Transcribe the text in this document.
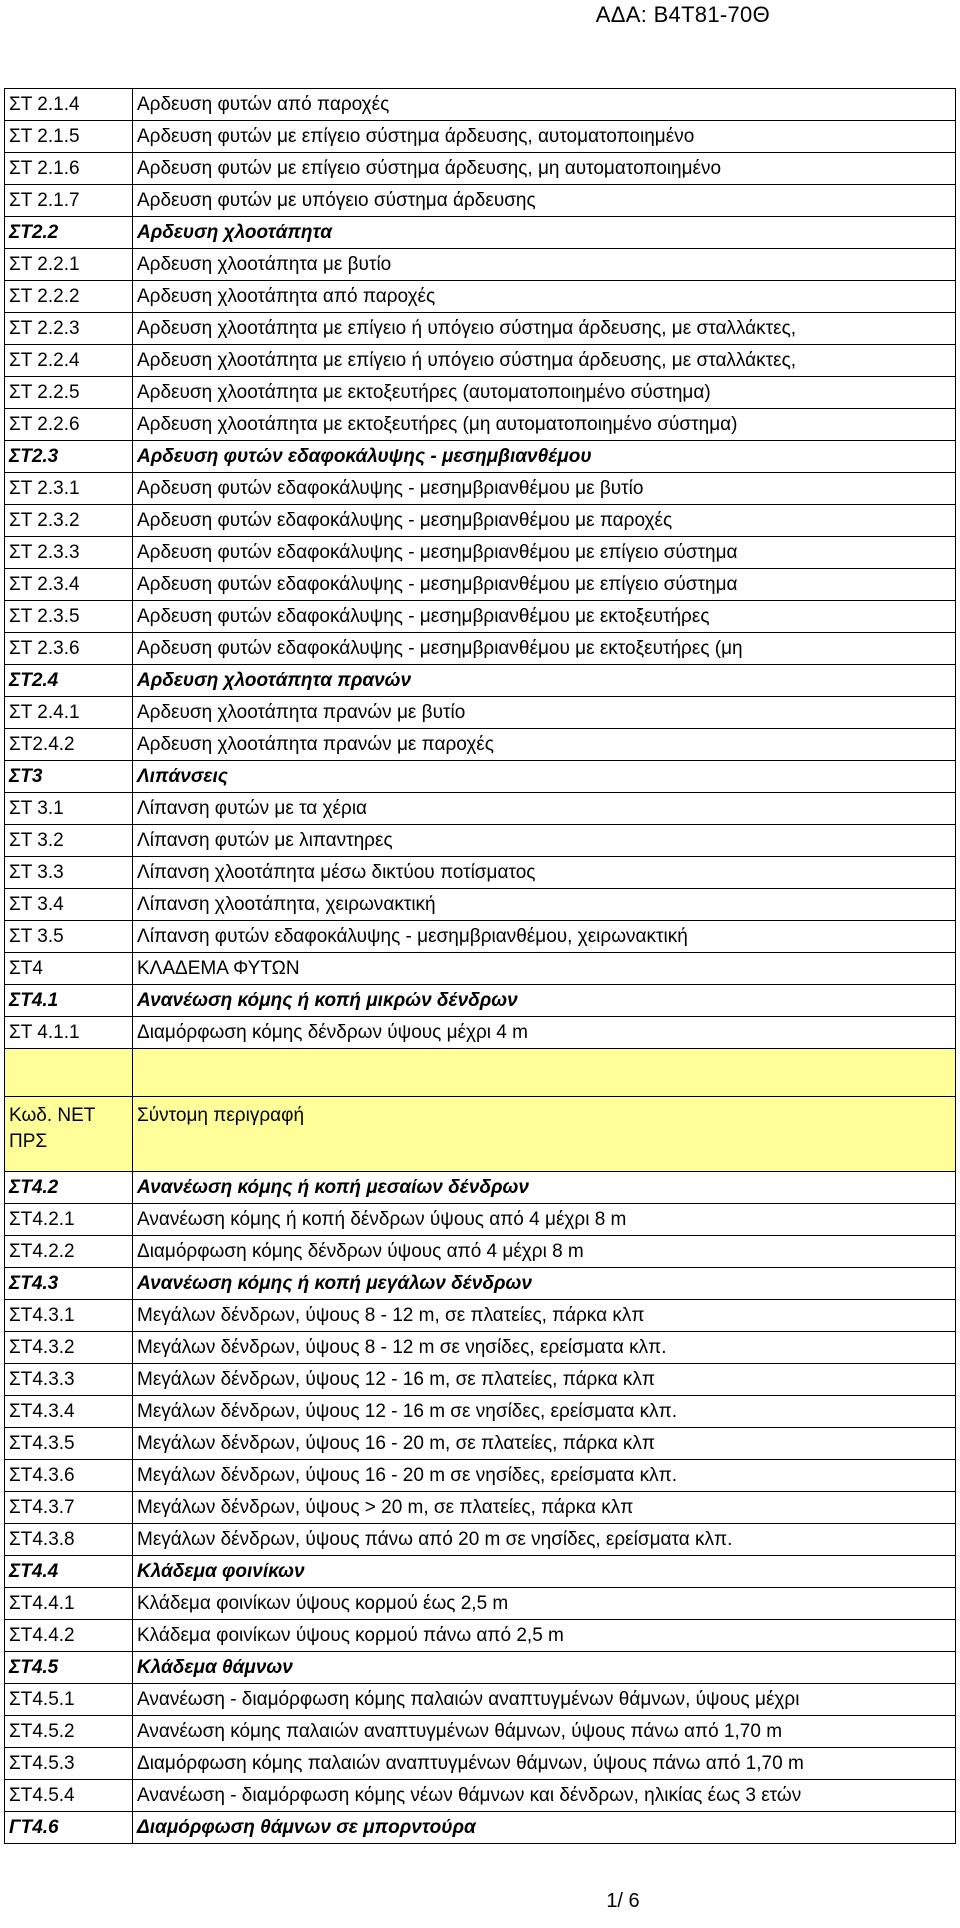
ΑΔΑ: Β4Τ81-70Θ
ΣΤ 2.1.4	Αρδευση φυτών από παροχές
ΣΤ 2.1.5	Αρδευση φυτών με επίγειο σύστημα άρδευσης, αυτοματοποιημένο
ΣΤ 2.1.6	Αρδευση φυτών με επίγειο σύστημα άρδευσης, μη αυτοματοποιημένο
ΣΤ 2.1.7	Αρδευση φυτών με υπόγειο σύστημα άρδευσης
ΣΤ2.2	Αρδευση χλοοτάπητα
ΣΤ 2.2.1	Αρδευση χλοοτάπητα με βυτίο
ΣΤ 2.2.2	Αρδευση χλοοτάπητα από παροχές
ΣΤ 2.2.3	Αρδευση χλοοτάπητα με επίγειο ή υπόγειο σύστημα άρδευσης, με σταλλάκτες,
ΣΤ 2.2.4	Αρδευση χλοοτάπητα με επίγειο ή υπόγειο σύστημα άρδευσης, με σταλλάκτες,
ΣΤ 2.2.5	Αρδευση χλοοτάπητα με εκτοξευτήρες (αυτοματοποιημένο σύστημα)
ΣΤ 2.2.6	Αρδευση χλοοτάπητα με εκτοξευτήρες (μη αυτοματοποιημένο σύστημα)
ΣΤ2.3	Αρδευση φυτών εδαφοκάλυψης - μεσημβιανθέμου
ΣΤ 2.3.1	Αρδευση φυτών εδαφοκάλυψης - μεσημβριανθέμου με βυτίο
ΣΤ 2.3.2	Αρδευση φυτών εδαφοκάλυψης - μεσημβριανθέμου με παροχές
ΣΤ 2.3.3	Αρδευση φυτών εδαφοκάλυψης - μεσημβριανθέμου με επίγειο σύστημα
ΣΤ 2.3.4	Αρδευση φυτών εδαφοκάλυψης - μεσημβριανθέμου με επίγειο σύστημα
ΣΤ 2.3.5	Αρδευση φυτών εδαφοκάλυψης - μεσημβριανθέμου με εκτοξευτήρες
ΣΤ 2.3.6	Αρδευση φυτών εδαφοκάλυψης - μεσημβριανθέμου με εκτοξευτήρες (μη
ΣΤ2.4	Αρδευση χλοοτάπητα πρανών
ΣΤ 2.4.1	Αρδευση χλοοτάπητα πρανών με βυτίο
ΣΤ2.4.2	Αρδευση χλοοτάπητα πρανών με παροχές
ΣΤ3	Λιπάνσεις
ΣΤ 3.1	Λίπανση φυτών με τα χέρια
ΣΤ 3.2	Λίπανση φυτών με λιπαντηρες
ΣΤ 3.3	Λίπανση χλοοτάπητα μέσω δικτύου ποτίσματος
ΣΤ 3.4	Λίπανση χλοοτάπητα, χειρωνακτική
ΣΤ 3.5	Λίπανση φυτών εδαφοκάλυψης - μεσημβριανθέμου, χειρωνακτική
ΣΤ4	ΚΛΑΔΕΜΑ ΦΥΤΩΝ
ΣΤ4.1	Ανανέωση κόμης ή κοπή μικρών δένδρων
ΣΤ 4.1.1	Διαμόρφωση κόμης δένδρων ύψους μέχρι 4 m

Κωδ. ΝΕΤ ΠΡΣ	Σύντομη περιγραφή
ΣΤ4.2	Ανανέωση κόμης ή κοπή μεσαίων δένδρων
ΣΤ4.2.1	Ανανέωση κόμης ή κοπή δένδρων ύψους από 4 μέχρι 8 m
ΣΤ4.2.2	Διαμόρφωση κόμης δένδρων ύψους από 4 μέχρι 8 m
ΣΤ4.3	Ανανέωση κόμης ή κοπή μεγάλων δένδρων
ΣΤ4.3.1	Μεγάλων δένδρων, ύψους 8 - 12 m, σε πλατείες, πάρκα κλπ
ΣΤ4.3.2	Μεγάλων δένδρων, ύψους 8 - 12 m σε νησίδες, ερείσματα κλπ.
ΣΤ4.3.3	Μεγάλων δένδρων, ύψους 12 - 16 m, σε πλατείες, πάρκα κλπ
ΣΤ4.3.4	Μεγάλων δένδρων, ύψους 12 - 16 m σε νησίδες, ερείσματα κλπ.
ΣΤ4.3.5	Μεγάλων δένδρων, ύψους 16 - 20 m, σε πλατείες, πάρκα κλπ
ΣΤ4.3.6	Μεγάλων δένδρων, ύψους 16 - 20 m σε νησίδες, ερείσματα κλπ.
ΣΤ4.3.7	Μεγάλων δένδρων, ύψους > 20 m, σε πλατείες, πάρκα κλπ
ΣΤ4.3.8	Μεγάλων δένδρων, ύψους πάνω από 20 m σε νησίδες, ερείσματα κλπ.
ΣΤ4.4	Κλάδεμα φοινίκων
ΣΤ4.4.1	Κλάδεμα φοινίκων ύψους κορμού έως 2,5 m
ΣΤ4.4.2	Κλάδεμα φοινίκων ύψους κορμού πάνω από 2,5 m
ΣΤ4.5	Κλάδεμα θάμνων
ΣΤ4.5.1	Ανανέωση - διαμόρφωση κόμης παλαιών αναπτυγμένων θάμνων, ύψους μέχρι
ΣΤ4.5.2	Ανανέωση κόμης παλαιών αναπτυγμένων θάμνων, ύψους πάνω από 1,70 m
ΣΤ4.5.3	Διαμόρφωση κόμης παλαιών αναπτυγμένων θάμνων, ύψους πάνω από 1,70 m
ΣΤ4.5.4	Ανανέωση - διαμόρφωση κόμης νέων θάμνων και δένδρων, ηλικίας έως 3 ετών
ΓΤ4.6	Διαμόρφωση θάμνων σε μπορντούρα
1/ 6
